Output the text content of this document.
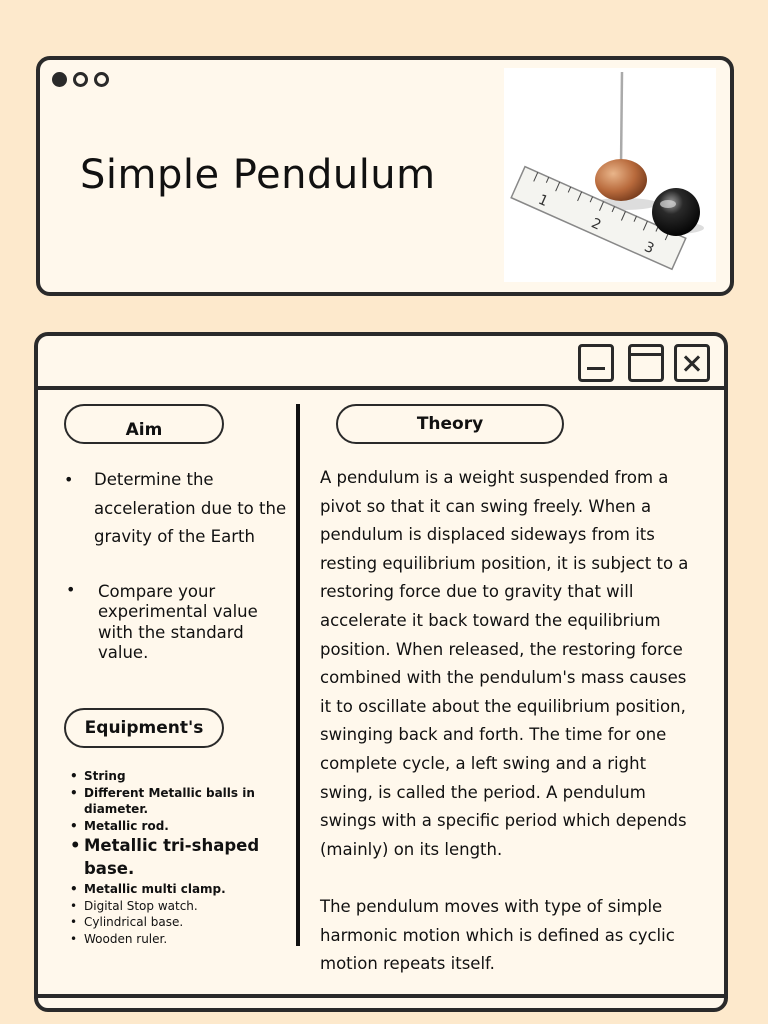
Simple Pendulum
1
2
3
Aim
• Determine the acceleration due to the gravity of the Earth
• Compare your experimental value with the standard value.
Equipment's
• String
• Different Metallic balls in diameter.
• Metallic rod.
• Metallic tri-shaped base.
• Metallic multi clamp.
• Digital Stop watch.
• Cylindrical base.
• Wooden ruler.
Theory

A pendulum is a weight suspended from a pivot so that it can swing freely. When a pendulum is displaced sideways from its resting equilibrium position, it is subject to a restoring force due to gravity that will accelerate it back toward the equilibrium position. When released, the restoring force combined with the pendulum's mass causes it to oscillate about the equilibrium position, swinging back and forth. The time for one complete cycle, a left swing and a right swing, is called the period. A pendulum swings with a specific period which depends (mainly) on its length.

The pendulum moves with type of simple harmonic motion which is defined as cyclic motion repeats itself.
